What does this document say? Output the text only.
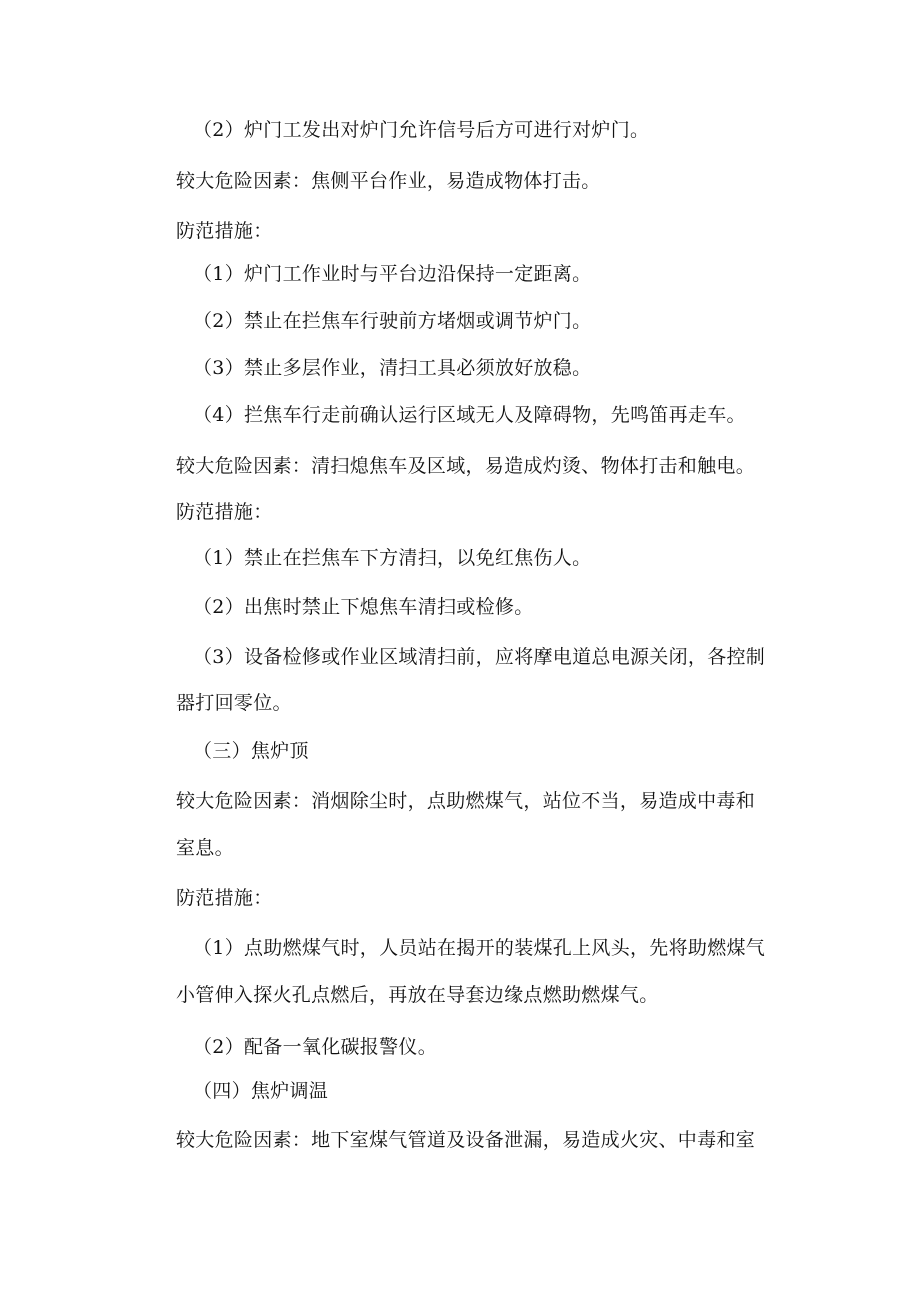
（2）炉门工发出对炉门允许信号后方可进行对炉门。
较大危险因素：焦侧平台作业，易造成物体打击。
防范措施：
（1）炉门工作业时与平台边沿保持一定距离。
（2）禁止在拦焦车行驶前方堵烟或调节炉门。
（3）禁止多层作业，清扫工具必须放好放稳。
（4）拦焦车行走前确认运行区域无人及障碍物，先鸣笛再走车。
较大危险因素：清扫熄焦车及区域，易造成灼烫、物体打击和触电。
防范措施：
（1）禁止在拦焦车下方清扫，以免红焦伤人。
（2）出焦时禁止下熄焦车清扫或检修。
（3）设备检修或作业区域清扫前，应将摩电道总电源关闭，各控制
器打回零位。
（三）焦炉顶
较大危险因素：消烟除尘时，点助燃煤气，站位不当，易造成中毒和
室息。
防范措施：
（1）点助燃煤气时，人员站在揭开的装煤孔上风头，先将助燃煤气
小管伸入探火孔点燃后，再放在导套边缘点燃助燃煤气。
（2）配备一氧化碳报警仪。
（四）焦炉调温
较大危险因素：地下室煤气管道及设备泄漏，易造成火灾、中毒和室
